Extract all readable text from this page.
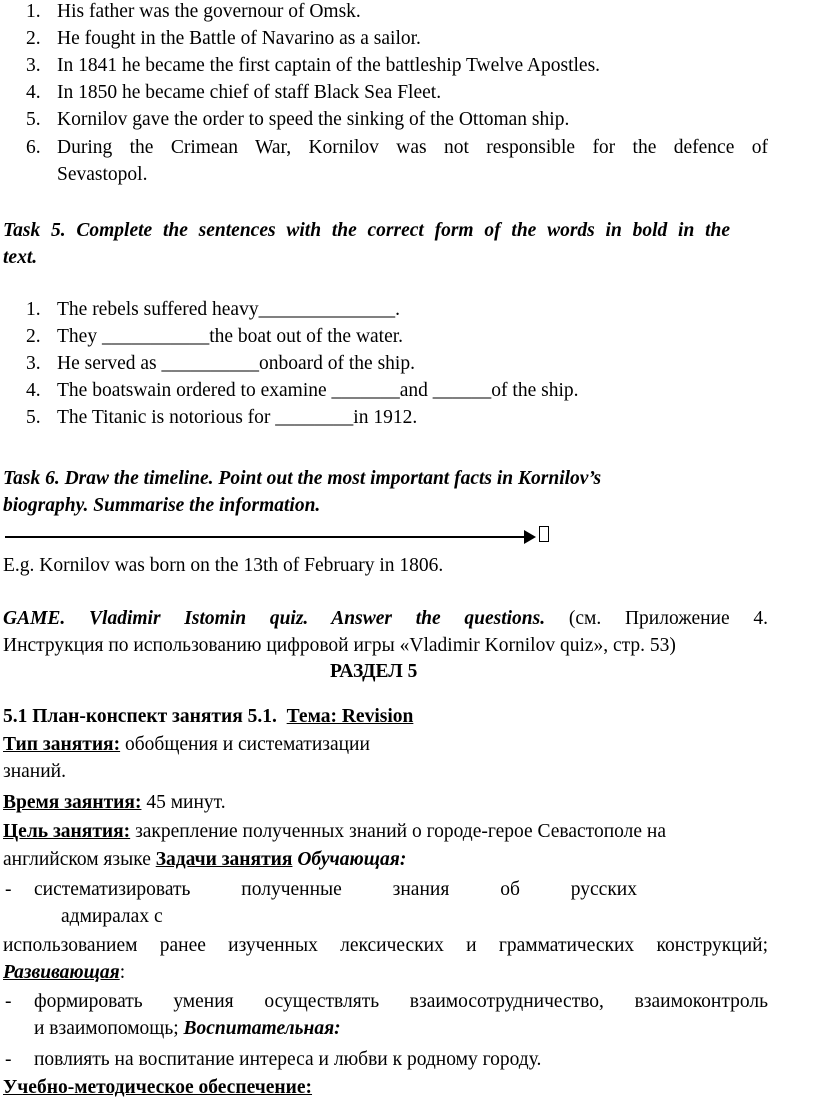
1. His father was the governour of Omsk.
2. He fought in the Battle of Navarino as a sailor.
3. In 1841 he became the first captain of the battleship Twelve Apostles.
4. In 1850 he became chief of staff Black Sea Fleet.
5. Kornilov gave the order to speed the sinking of the Ottoman ship.
6. During the Crimean War, Kornilov was not responsible for the defence of
Sevastopol.
Task 5. Complete the sentences with the correct form of the words in bold in the
text.
1. The rebels suffered heavy______________.
2. They ___________the boat out of the water.
3. He served as __________onboard of the ship.
4. The boatswain ordered to examine _______and ______of the ship.
5. The Titanic is notorious for ________in 1912.
Task 6. Draw the timeline. Point out the most important facts in Kornilov’s
biography. Summarise the information.
E.g. Kornilov was born on the 13th of February in 1806.
GAME. Vladimir Istomin quiz. Answer the questions. (см. Приложение 4.
Инструкция по использованию цифровой игры «Vladimir Kornilov quiz», стр. 53)
РАЗДЕЛ 5
5.1 План-конспект занятия 5.1. Тема: Revision
Тип занятия: обобщения и систематизации
знаний.
Время заянтия: 45 минут.
Цель занятия: закрепление полученных знаний о городе-герое Севастополе на
английском языке Задачи занятия Обучающая:
- систематизировать	полученные	знания	об	русских
адмиралах с
использованием ранее изученных лексических и грамматических конструкций;
Развивающая:
- формировать умения осуществлять взаимосотрудничество, взаимоконтроль
и взаимопомощь; Воспитательная:
- повлиять на воспитание интереса и любви к родному городу.
Учебно-методическое обеспечение:
